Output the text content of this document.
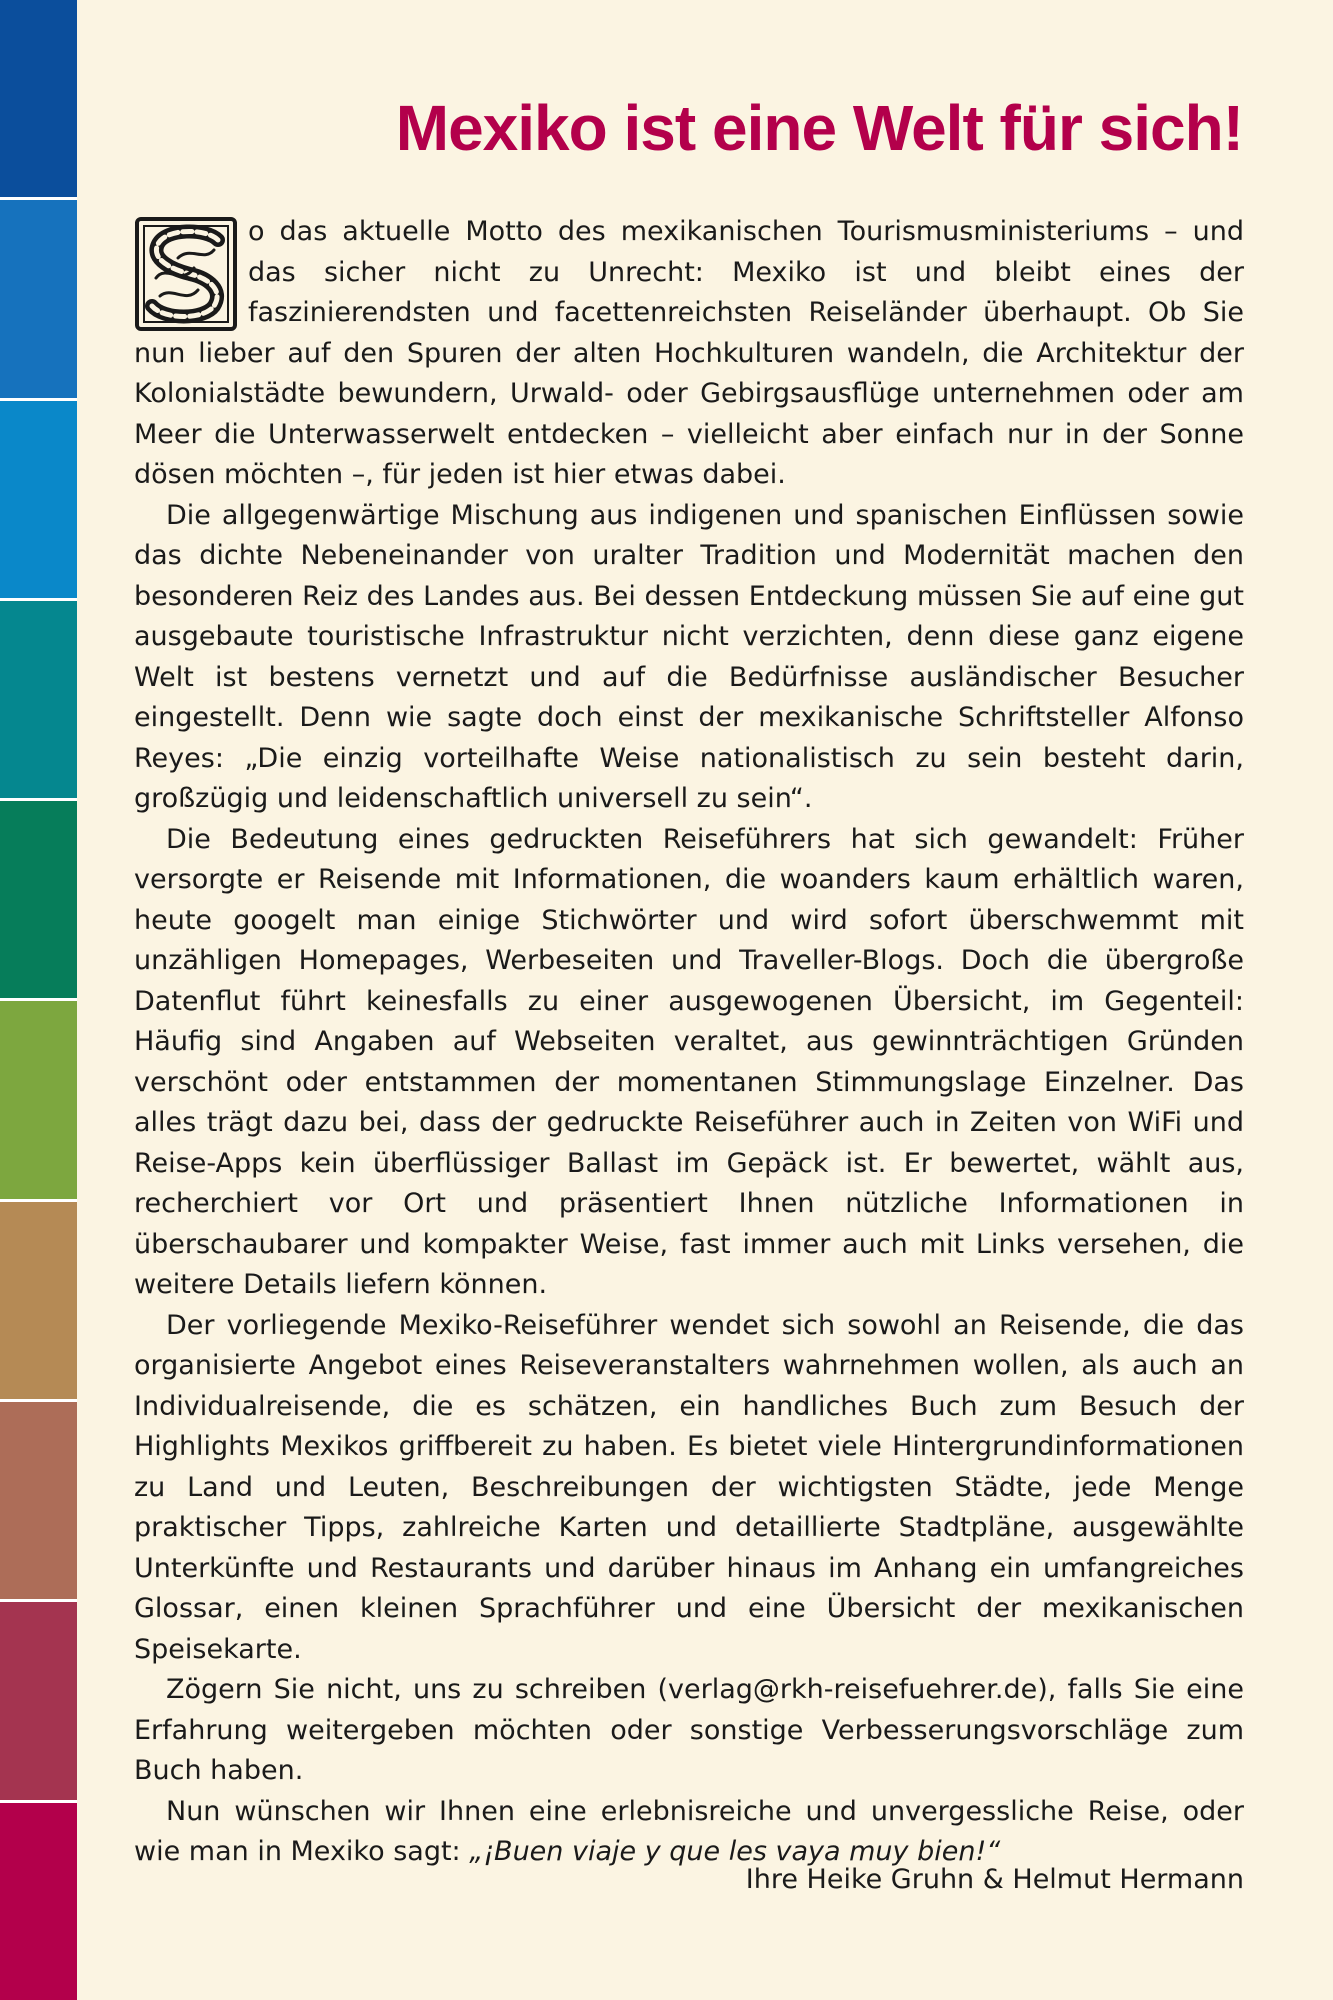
Mexiko ist eine Welt für sich!

o das aktuelle Motto des mexikanischen Tourismusministeriums – und das sicher nicht zu Unrecht: Mexiko ist und bleibt eines der faszinierendsten und facettenreichsten Reiseländer überhaupt. Ob Sie nun lieber auf den Spuren der alten Hochkulturen wandeln, die Architektur der Kolonialstädte bewundern, Urwald- oder Gebirgsausflüge unternehmen oder am Meer die Unterwasserwelt entdecken – vielleicht aber einfach nur in der Sonne dösen möchten –, für jeden ist hier etwas dabei.

Die allgegenwärtige Mischung aus indigenen und spanischen Einflüssen sowie das dichte Nebeneinander von uralter Tradition und Modernität machen den besonderen Reiz des Landes aus. Bei dessen Entdeckung müssen Sie auf eine gut ausgebaute touristische Infrastruktur nicht verzichten, denn diese ganz eigene Welt ist bestens vernetzt und auf die Bedürfnisse ausländischer Besucher eingestellt. Denn wie sagte doch einst der mexikanische Schriftsteller Alfonso Reyes: „Die einzig vorteilhafte Weise nationalistisch zu sein besteht darin, großzügig und leidenschaftlich universell zu sein“.

Die Bedeutung eines gedruckten Reiseführers hat sich gewandelt: Früher versorgte er Reisende mit Informationen, die woanders kaum erhältlich waren, heute googelt man einige Stichwörter und wird sofort überschwemmt mit unzähligen Homepages, Werbeseiten und Traveller-Blogs. Doch die übergroße Datenflut führt keinesfalls zu einer ausgewogenen Übersicht, im Gegenteil: Häufig sind Angaben auf Webseiten veraltet, aus gewinnträchtigen Gründen verschönt oder entstammen der momentanen Stimmungslage Einzelner. Das alles trägt dazu bei, dass der gedruckte Reiseführer auch in Zeiten von WiFi und Reise-Apps kein überflüssiger Ballast im Gepäck ist. Er bewertet, wählt aus, recherchiert vor Ort und präsentiert Ihnen nützliche Informationen in überschaubarer und kompakter Weise, fast immer auch mit Links versehen, die weitere Details liefern können.

Der vorliegende Mexiko-Reiseführer wendet sich sowohl an Reisende, die das organisierte Angebot eines Reiseveranstalters wahrnehmen wollen, als auch an Individualreisende, die es schätzen, ein handliches Buch zum Besuch der Highlights Mexikos griffbereit zu haben. Es bietet viele Hintergrundinformationen zu Land und Leuten, Beschreibungen der wichtigsten Städte, jede Menge praktischer Tipps, zahlreiche Karten und detaillierte Stadtpläne, ausgewählte Unterkünfte und Restaurants und darüber hinaus im Anhang ein umfangreiches Glossar, einen kleinen Sprachführer und eine Übersicht der mexikanischen Speisekarte.

Zögern Sie nicht, uns zu schreiben (verlag@rkh-reisefuehrer.de), falls Sie eine Erfahrung weitergeben möchten oder sonstige Verbesserungsvorschläge zum Buch haben.

Nun wünschen wir Ihnen eine erlebnisreiche und unvergessliche Reise, oder wie man in Mexiko sagt: „¡Buen viaje y que les vaya muy bien!“

Ihre Heike Gruhn & Helmut Hermann
